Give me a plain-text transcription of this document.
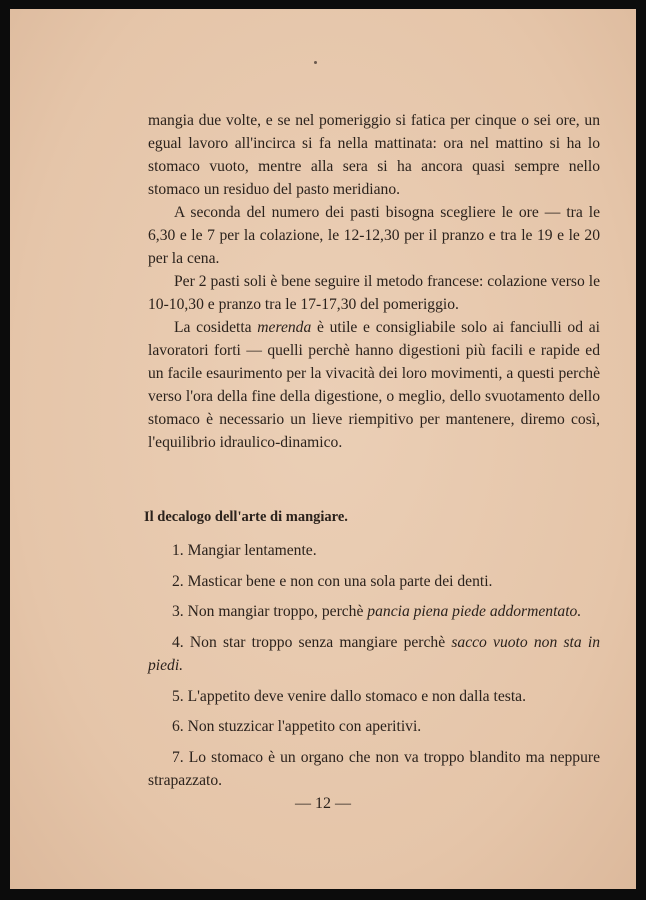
mangia due volte, e se nel pomeriggio si fatica per cinque o sei ore, un egual lavoro all'incirca si fa nella mattinata: ora nel mattino si ha lo stomaco vuoto, mentre alla sera si ha ancora quasi sempre nello stomaco un residuo del pasto meridiano.

A seconda del numero dei pasti bisogna scegliere le ore — tra le 6,30 e le 7 per la colazione, le 12-12,30 per il pranzo e tra le 19 e le 20 per la cena.

Per 2 pasti soli è bene seguire il metodo francese: colazione verso le 10-10,30 e pranzo tra le 17-17,30 del pomeriggio.

La cosidetta merenda è utile e consigliabile solo ai fanciulli od ai lavoratori forti — quelli perchè hanno digestioni più facili e rapide ed un facile esaurimento per la vivacità dei loro movimenti, a questi perchè verso l'ora della fine della digestione, o meglio, dello svuotamento dello stomaco è necessario un lieve riempitivo per mantenere, diremo così, l'equilibrio idraulico-dinamico.

Il decalogo dell'arte di mangiare.

1. Mangiar lentamente.

2. Masticar bene e non con una sola parte dei denti.

3. Non mangiar troppo, perchè pancia piena piede addormentato.

4. Non star troppo senza mangiare perchè sacco vuoto non sta in piedi.

5. L'appetito deve venire dallo stomaco e non dalla testa.

6. Non stuzzicar l'appetito con aperitivi.

7. Lo stomaco è un organo che non va troppo blandito ma neppure strapazzato.

— 12 —
